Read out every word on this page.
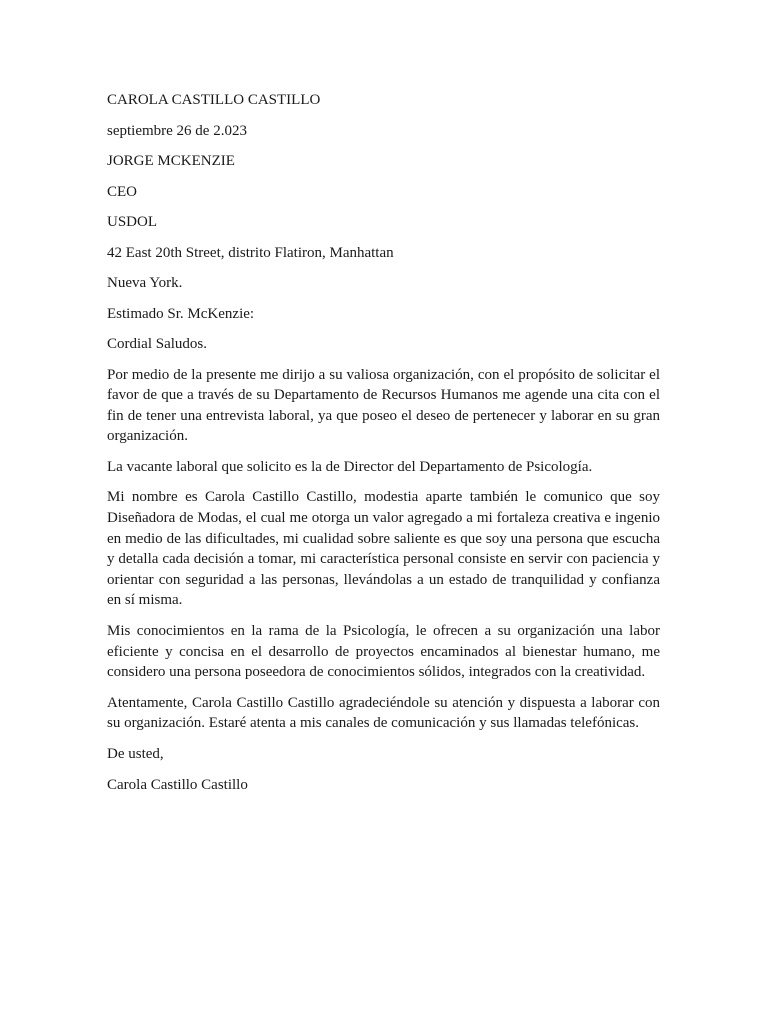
CAROLA CASTILLO CASTILLO
septiembre 26 de 2.023
JORGE MCKENZIE
CEO
USDOL
42 East 20th Street, distrito Flatiron, Manhattan
Nueva York.
Estimado Sr. McKenzie:
Cordial Saludos.

Por medio de la presente me dirijo a su valiosa organización, con el propósito de solicitar el favor de que a través de su Departamento de Recursos Humanos me agende una cita con el fin de tener una entrevista laboral, ya que poseo el deseo de pertenecer y laborar en su gran organización.

La vacante laboral que solicito es la de Director del Departamento de Psicología.

Mi nombre es Carola Castillo Castillo, modestia aparte también le comunico que soy Diseñadora de Modas, el cual me otorga un valor agregado a mi fortaleza creativa e ingenio en medio de las dificultades, mi cualidad sobre saliente es que soy una persona que escucha y detalla cada decisión a tomar, mi característica personal consiste en servir con paciencia y orientar con seguridad a las personas, llevándolas a un estado de tranquilidad y confianza en sí misma.

Mis conocimientos en la rama de la Psicología, le ofrecen a su organización una labor eficiente y concisa en el desarrollo de proyectos encaminados al bienestar humano, me considero una persona poseedora de conocimientos sólidos, integrados con la creatividad.

Atentamente, Carola Castillo Castillo agradeciéndole su atención y dispuesta a laborar con su organización. Estaré atenta a mis canales de comunicación y sus llamadas telefónicas.

De usted,
Carola Castillo Castillo
